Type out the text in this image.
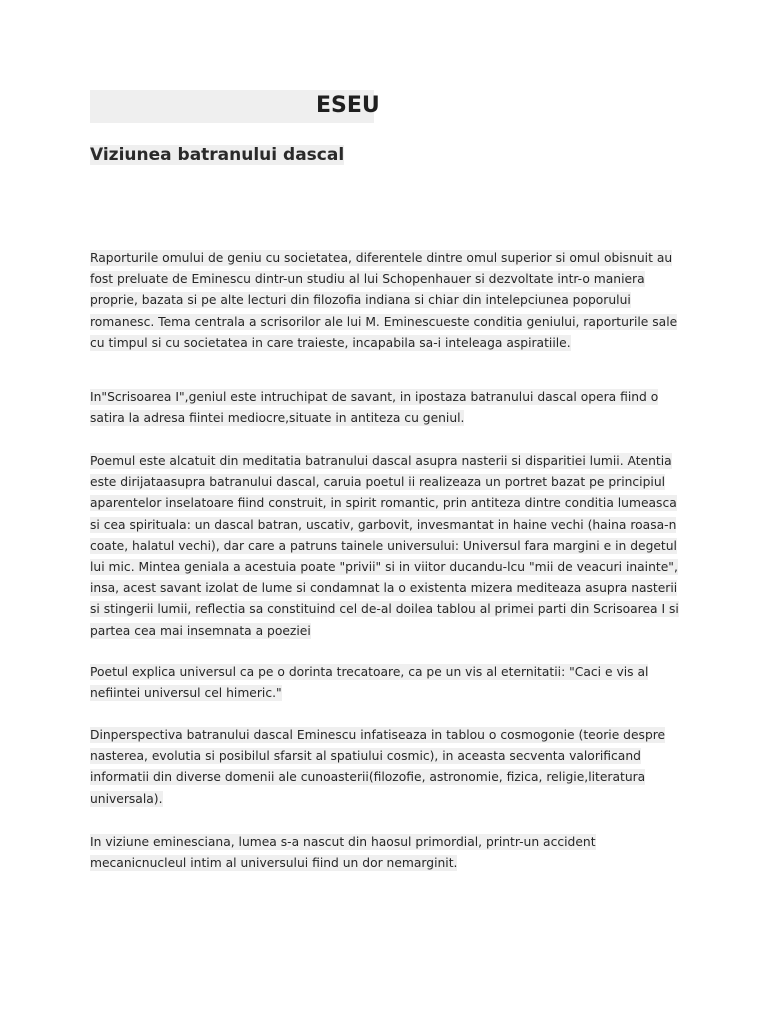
ESEU
Viziunea batranului dascal

Raporturile omului de geniu cu societatea, diferentele dintre omul superior si omul obisnuit au fost preluate de Eminescu dintr-un studiu al lui Schopenhauer si dezvoltate intr-o maniera proprie, bazata si pe alte lecturi din filozofia indiana si chiar din intelepciunea poporului romanesc. Tema centrala a scrisorilor ale lui M. Eminescueste conditia geniului, raporturile sale cu timpul si cu societatea in care traieste, incapabila sa-i inteleaga aspiratiile.

In"Scrisoarea I",geniul este intruchipat de savant, in ipostaza batranului dascal opera fiind o satira la adresa fiintei mediocre,situate in antiteza cu geniul.

Poemul este alcatuit din meditatia batranului dascal asupra nasterii si disparitiei lumii. Atentia este dirijataasupra batranului dascal, caruia poetul ii realizeaza un portret bazat pe principiul aparentelor inselatoare fiind construit, in spirit romantic, prin antiteza dintre conditia lumeasca si cea spirituala: un dascal batran, uscativ, garbovit, invesmantat in haine vechi (haina roasa-n coate, halatul vechi), dar care a patruns tainele universului: Universul fara margini e in degetul lui mic. Mintea geniala a acestuia poate "privii" si in viitor ducandu-lcu "mii de veacuri inainte", insa, acest savant izolat de lume si condamnat la o existenta mizera mediteaza asupra nasterii si stingerii lumii, reflectia sa constituind cel de-al doilea tablou al primei parti din Scrisoarea I si partea cea mai insemnata a poeziei

Poetul explica universul ca pe o dorinta trecatoare, ca pe un vis al eternitatii: "Caci e vis al nefiintei universul cel himeric."

Dinperspectiva batranului dascal Eminescu infatiseaza in tablou o cosmogonie (teorie despre nasterea, evolutia si posibilul sfarsit al spatiului cosmic), in aceasta secventa valorificand informatii din diverse domenii ale cunoasterii(filozofie, astronomie, fizica, religie,literatura universala).

In viziune eminesciana, lumea s-a nascut din haosul primordial, printr-un accident mecanicnucleul intim al universului fiind un dor nemarginit.
